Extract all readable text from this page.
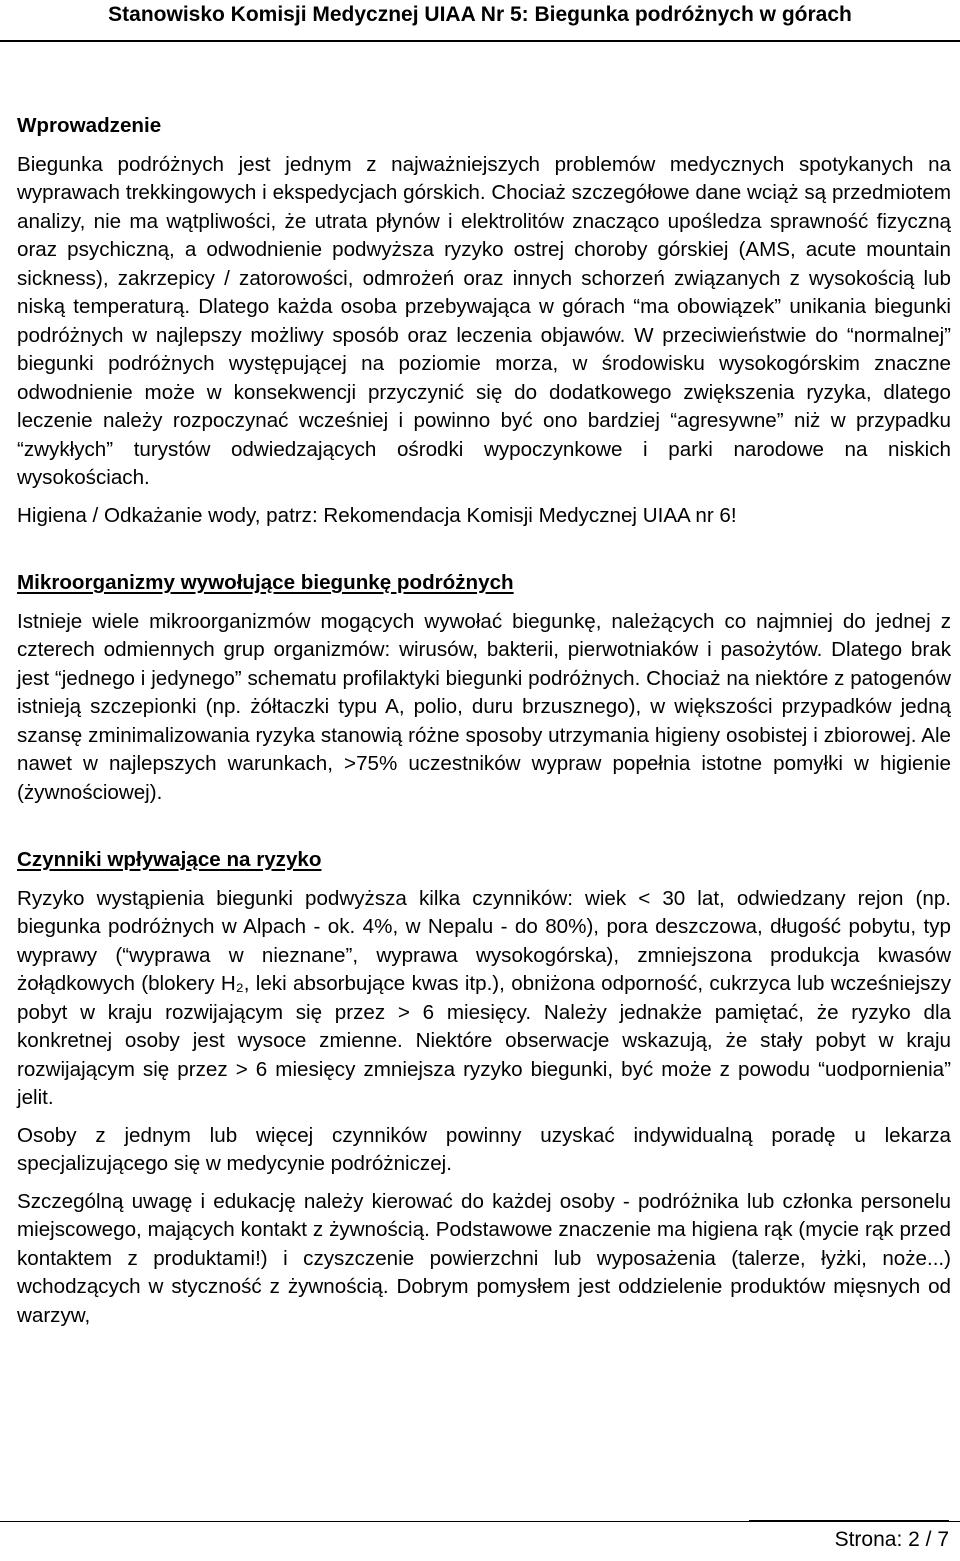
Stanowisko Komisji Medycznej UIAA Nr 5: Biegunka podróżnych w górach
Wprowadzenie

Biegunka podróżnych jest jednym z najważniejszych problemów medycznych spotykanych na wyprawach trekkingowych i ekspedycjach górskich. Chociaż szczegółowe dane wciąż są przedmiotem analizy, nie ma wątpliwości, że utrata płynów i elektrolitów znacząco upośledza sprawność fizyczną oraz psychiczną, a odwodnienie podwyższa ryzyko ostrej choroby górskiej (AMS, acute mountain sickness), zakrzepicy / zatorowości, odmrożeń oraz innych schorzeń związanych z wysokością lub niską temperaturą. Dlatego każda osoba przebywająca w górach “ma obowiązek” unikania biegunki podróżnych w najlepszy możliwy sposób oraz leczenia objawów. W przeciwieństwie do “normalnej” biegunki podróżnych występującej na poziomie morza, w środowisku wysokogórskim znaczne odwodnienie może w konsekwencji przyczynić się do dodatkowego zwiększenia ryzyka, dlatego leczenie należy rozpoczynać wcześniej i powinno być ono bardziej “agresywne” niż w przypadku “zwykłych” turystów odwiedzających ośrodki wypoczynkowe i parki narodowe na niskich wysokościach.

Higiena / Odkażanie wody, patrz: Rekomendacja Komisji Medycznej UIAA nr 6!

Mikroorganizmy wywołujące biegunkę podróżnych

Istnieje wiele mikroorganizmów mogących wywołać biegunkę, należących co najmniej do jednej z czterech odmiennych grup organizmów: wirusów, bakterii, pierwotniaków i pasożytów. Dlatego brak jest “jednego i jedynego” schematu profilaktyki biegunki podróżnych. Chociaż na niektóre z patogenów istnieją szczepionki (np. żółtaczki typu A, polio, duru brzusznego), w większości przypadków jedną szansę zminimalizowania ryzyka stanowią różne sposoby utrzymania higieny osobistej i zbiorowej. Ale nawet w najlepszych warunkach, >75% uczestników wypraw popełnia istotne pomyłki w higienie (żywnościowej).

Czynniki wpływające na ryzyko

Ryzyko wystąpienia biegunki podwyższa kilka czynników: wiek < 30 lat, odwiedzany rejon (np. biegunka podróżnych w Alpach - ok. 4%, w Nepalu - do 80%), pora deszczowa, długość pobytu, typ wyprawy (“wyprawa w nieznane”, wyprawa wysokogórska), zmniejszona produkcja kwasów żołądkowych (blokery H₂, leki absorbujące kwas itp.), obniżona odporność, cukrzyca lub wcześniejszy pobyt w kraju rozwijającym się przez > 6 miesięcy. Należy jednakże pamiętać, że ryzyko dla konkretnej osoby jest wysoce zmienne. Niektóre obserwacje wskazują, że stały pobyt w kraju rozwijającym się przez > 6 miesięcy zmniejsza ryzyko biegunki, być może z powodu “uodpornienia” jelit.

Osoby z jednym lub więcej czynników powinny uzyskać indywidualną poradę u lekarza specjalizującego się w medycynie podróżniczej.

Szczególną uwagę i edukację należy kierować do każdej osoby - podróżnika lub członka personelu miejscowego, mających kontakt z żywnością. Podstawowe znaczenie ma higiena rąk (mycie rąk przed kontaktem z produktami!) i czyszczenie powierzchni lub wyposażenia (talerze, łyżki, noże...) wchodzących w styczność z żywnością. Dobrym pomysłem jest oddzielenie produktów mięsnych od warzyw,

Strona: 2 / 7
